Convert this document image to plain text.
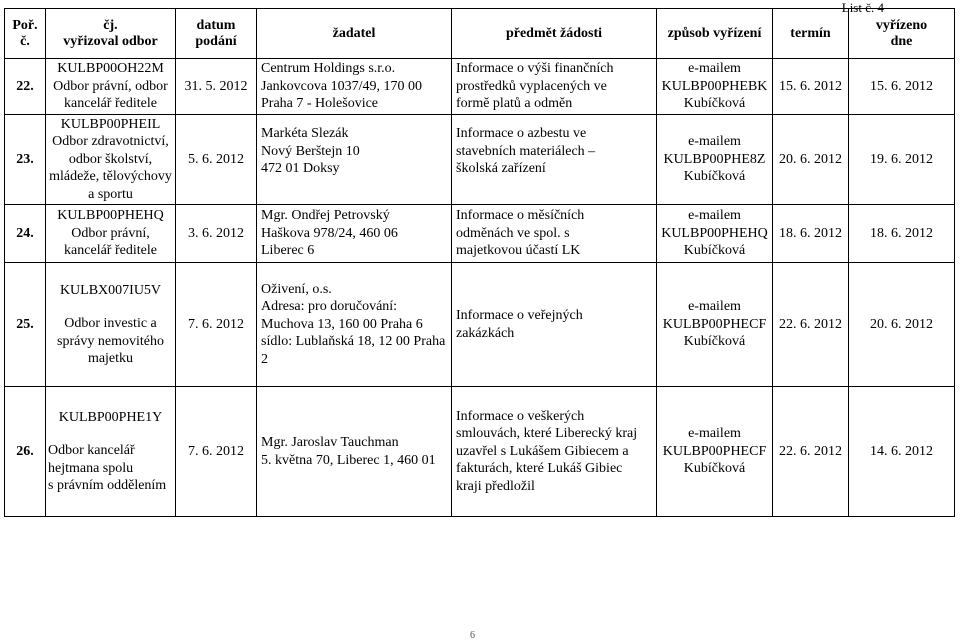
List č. 4
Poř.
č.	čj.
vyřizoval odbor	datum
podání	žadatel	předmět žádosti	způsob vyřízení	termín	vyřízeno
dne

22.	KULBP00OH22M
Odbor právní, odbor
kancelář ředitele	31. 5. 2012	Centrum Holdings s.r.o.
Jankovcova 1037/49, 170 00
Praha 7 - Holešovice	Informace o výši finančních
prostředků vyplacených ve
formě platů a odměn	e-mailem
KULBP00PHEBK
Kubíčková	15. 6. 2012	15. 6. 2012
23.	KULBP00PHEIL
Odbor zdravotnictví,
odbor školství,
mládeže, tělovýchovy
a sportu	5. 6. 2012	Markéta Slezák
Nový Berštejn 10
472 01 Doksy	Informace o azbestu ve
stavebních materiálech –
školská zařízení	e-mailem
KULBP00PHE8Z
Kubíčková	20. 6. 2012	19. 6. 2012
24.	KULBP00PHEHQ
Odbor právní,
kancelář ředitele	3. 6. 2012	Mgr. Ondřej Petrovský
Haškova 978/24, 460 06
Liberec 6	Informace o měsíčních
odměnách ve spol. s
majetkovou účastí LK	e-mailem
KULBP00PHEHQ
Kubíčková	18. 6. 2012	18. 6. 2012
25.	KULBX007IU5V
Odbor investic a
správy nemovitého
majetku	7. 6. 2012	Oživení, o.s.
Adresa: pro doručování:
Muchova 13, 160 00 Praha 6
sídlo: Lublaňská 18, 12 00 Praha
2	Informace o veřejných
zakázkách	e-mailem
KULBP00PHECF
Kubíčková	22. 6. 2012	20. 6. 2012
26.	KULBP00PHE1Y
Odbor kancelář
hejtmana spolu
s právním oddělením	7. 6. 2012	Mgr. Jaroslav Tauchman
5. května 70, Liberec 1, 460 01	Informace o veškerých
smlouvách, které Liberecký kraj
uzavřel s Lukášem Gibiecem a
fakturách, které Lukáš Gibiec
kraji předložil	e-mailem
KULBP00PHECF
Kubíčková	22. 6. 2012	14. 6. 2012
6
